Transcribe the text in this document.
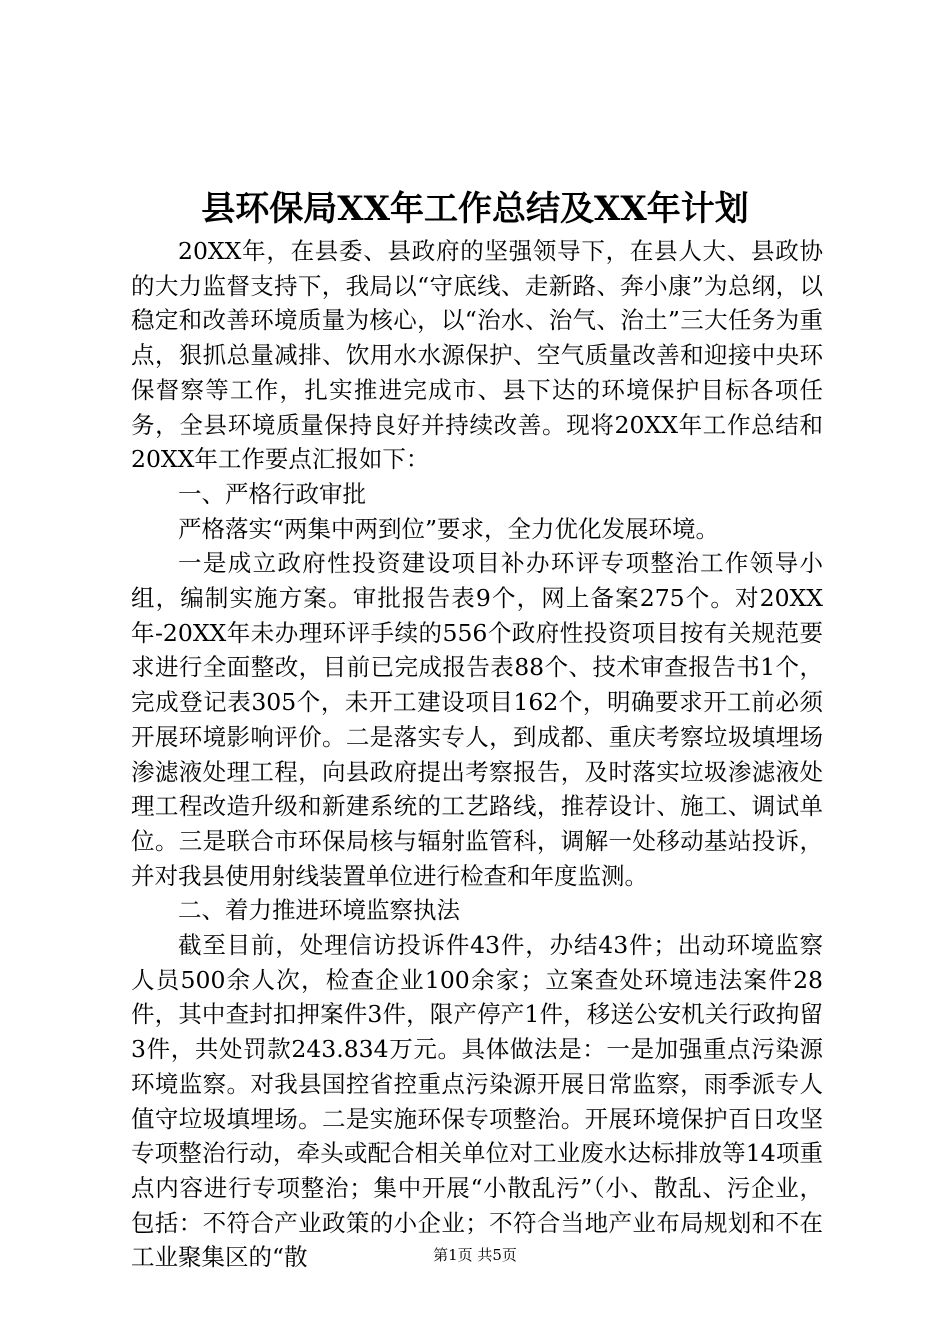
县环保局XX年工作总结及XX年计划

20XX年，在县委、县政府的坚强领导下，在县人大、县政协的大力监督支持下，我局以“守底线、走新路、奔小康”为总纲，以稳定和改善环境质量为核心，以“治水、治气、治土”三大任务为重点，狠抓总量减排、饮用水水源保护、空气质量改善和迎接中央环保督察等工作，扎实推进完成市、县下达的环境保护目标各项任务，全县环境质量保持良好并持续改善。现将20XX年工作总结和20XX年工作要点汇报如下：

一、严格行政审批

严格落实“两集中两到位”要求，全力优化发展环境。

一是成立政府性投资建设项目补办环评专项整治工作领导小组，编制实施方案。审批报告表9个，网上备案275个。对20XX年-20XX年未办理环评手续的556个政府性投资项目按有关规范要求进行全面整改，目前已完成报告表88个、技术审查报告书1个，完成登记表305个，未开工建设项目162个，明确要求开工前必须开展环境影响评价。二是落实专人，到成都、重庆考察垃圾填埋场渗滤液处理工程，向县政府提出考察报告，及时落实垃圾渗滤液处理工程改造升级和新建系统的工艺路线，推荐设计、施工、调试单位。三是联合市环保局核与辐射监管科，调解一处移动基站投诉，并对我县使用射线装置单位进行检查和年度监测。

二、着力推进环境监察执法

截至目前，处理信访投诉件43件，办结43件；出动环境监察人员500余人次，检查企业100余家；立案查处环境违法案件28件，其中查封扣押案件3件，限产停产1件，移送公安机关行政拘留3件，共处罚款243.834万元。具体做法是：一是加强重点污染源环境监察。对我县国控省控重点污染源开展日常监察，雨季派专人值守垃圾填埋场。二是实施环保专项整治。开展环境保护百日攻坚专项整治行动，牵头或配合相关单位对工业废水达标排放等14项重点内容进行专项整治；集中开展“小散乱污”（小、散乱、污企业，包括：不符合产业政策的小企业；不符合当地产业布局规划和不在工业聚集区的“散	第1页 共5页
